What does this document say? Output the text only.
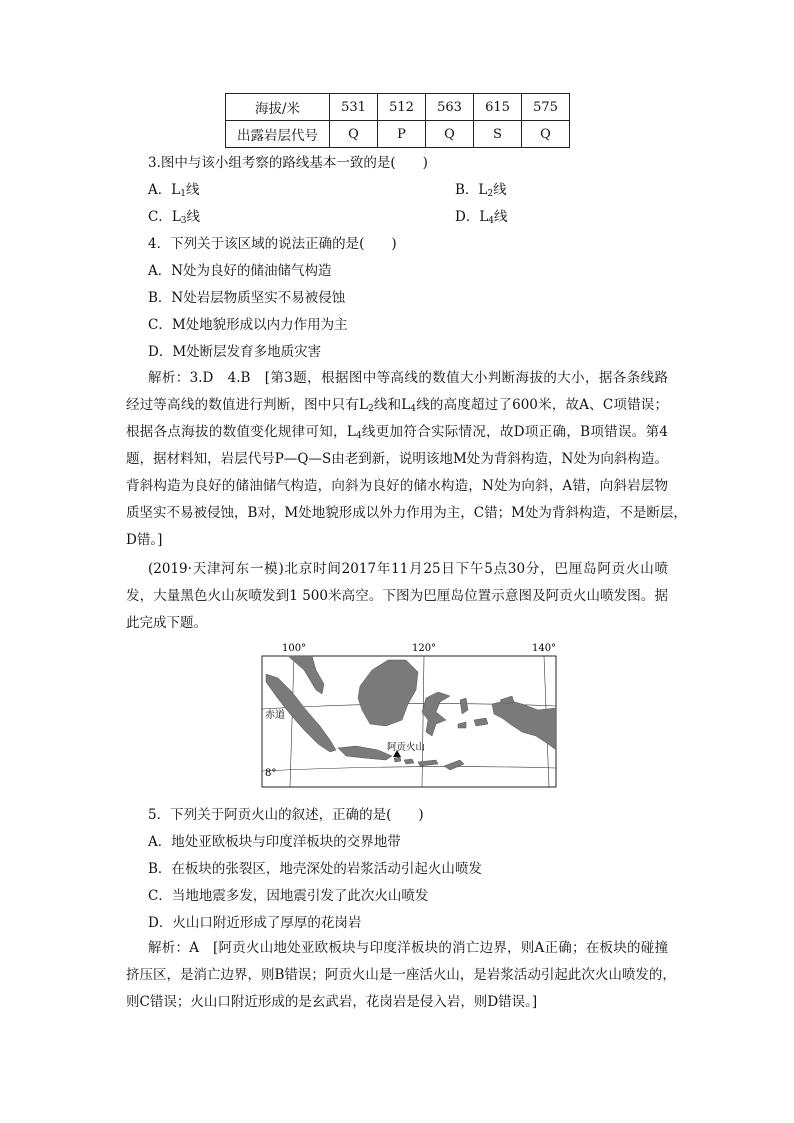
海拔/米	531	512	563	615	575
出露岩层代号	Q	P	Q	S	Q
3.图中与该小组考察的路线基本一致的是(　　)
A．$L_1$线	B．$L_2$线
C．$L_3$线	D．$L_4$线
4．下列关于该区域的说法正确的是(　　)
A．N处为良好的储油储气构造
B．N处岩层物质坚实不易被侵蚀
C．M处地貌形成以内力作用为主
D．M处断层发育多地质灾害
解析：3.D　4.B　[第3题，根据图中等高线的数值大小判断海拔的大小，据各条线路
经过等高线的数值进行判断，图中只有$L_2$线和$L_4$线的高度超过了600米，故A、C项错误；
根据各点海拔的数值变化规律可知，$L_4$线更加符合实际情况，故D项正确，B项错误。第4
题，据材料知，岩层代号P—Q—S由老到新，说明该地M处为背斜构造，N处为向斜构造。
背斜构造为良好的储油储气构造，向斜为良好的储水构造，N处为向斜，A错，向斜岩层物
质坚实不易被侵蚀，B对，M处地貌形成以外力作用为主，C错；M处为背斜构造，不是断层，
D错。]
(2019·天津河东一模)北京时间2017年11月25日下午5点30分，巴厘岛阿贡火山喷
发，大量黑色火山灰喷发到1 500米高空。下图为巴厘岛位置示意图及阿贡火山喷发图。据
此完成下题。
100°	120°	140°
赤道
8°
阿贡火山
5．下列关于阿贡火山的叙述，正确的是(　　)
A．地处亚欧板块与印度洋板块的交界地带
B．在板块的张裂区，地壳深处的岩浆活动引起火山喷发
C．当地地震多发，因地震引发了此次火山喷发
D．火山口附近形成了厚厚的花岗岩
解析：A　[阿贡火山地处亚欧板块与印度洋板块的消亡边界，则A正确；在板块的碰撞
挤压区，是消亡边界，则B错误；阿贡火山是一座活火山，是岩浆活动引起此次火山喷发的，
则C错误；火山口附近形成的是玄武岩，花岗岩是侵入岩，则D错误。]
